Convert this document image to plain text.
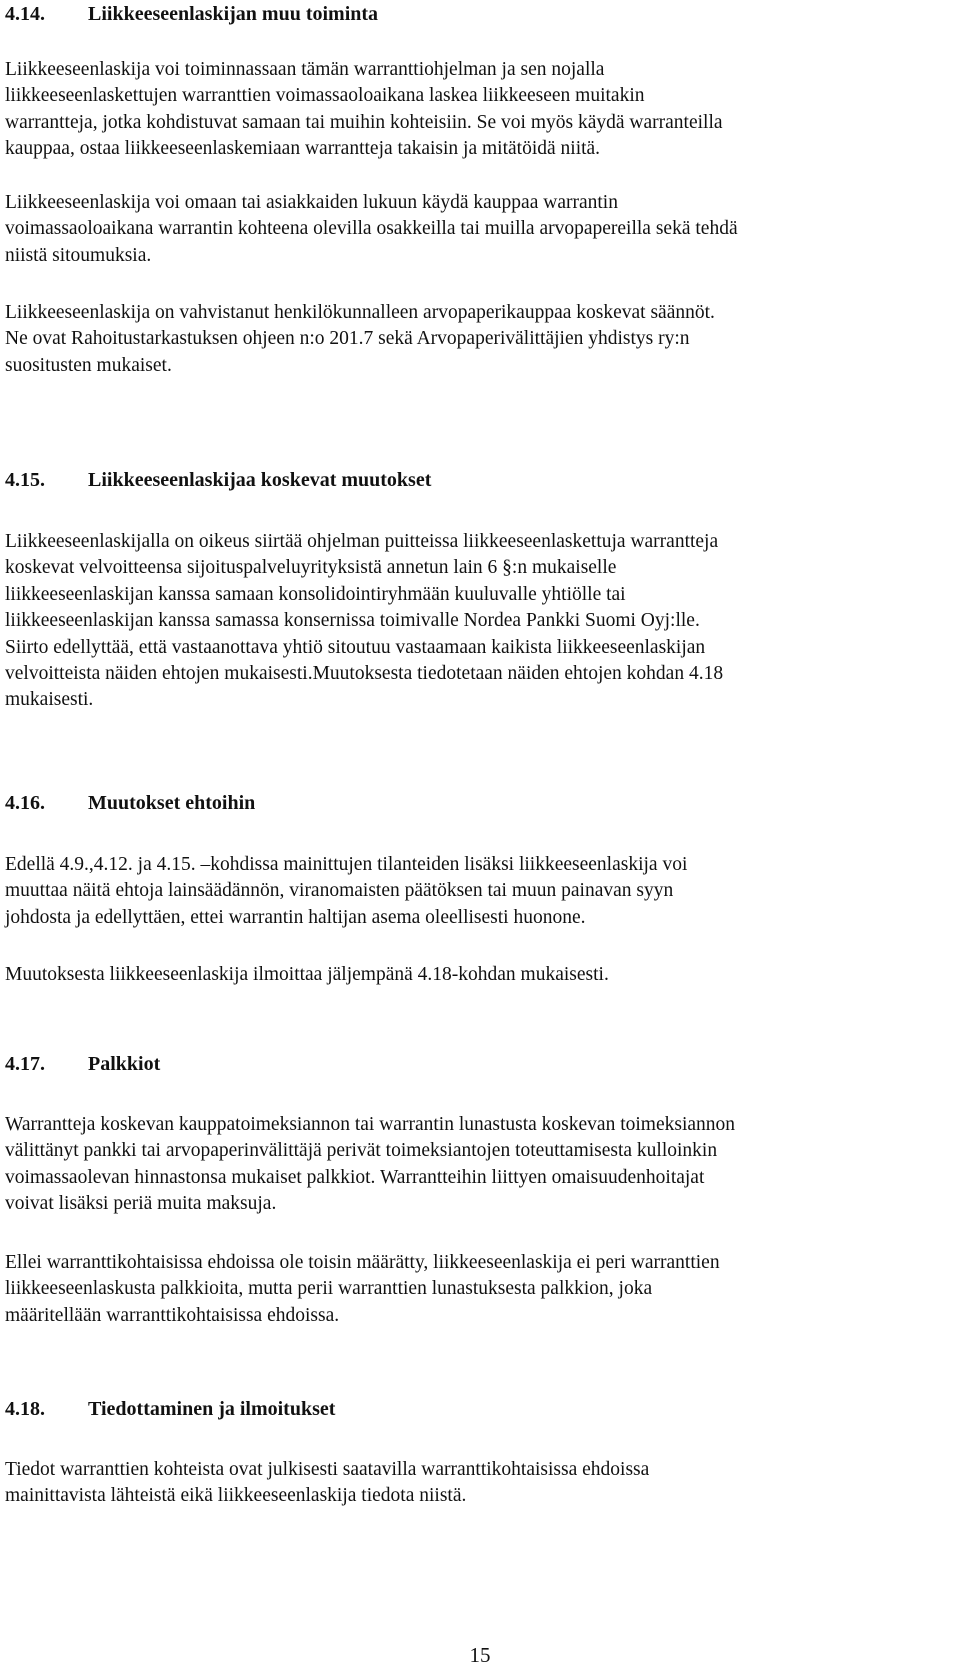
4.14. Liikkeeseenlaskijan muu toiminta

Liikkeeseenlaskija voi toiminnassaan tämän warranttiohjelman ja sen nojalla
liikkeeseenlaskettujen warranttien voimassaoloaikana laskea liikkeeseen muitakin
warrantteja, jotka kohdistuvat samaan tai muihin kohteisiin. Se voi myös käydä warranteilla
kauppaa, ostaa liikkeeseenlaskemiaan warrantteja takaisin ja mitätöidä niitä.

Liikkeeseenlaskija voi omaan tai asiakkaiden lukuun käydä kauppaa warrantin
voimassaoloaikana warrantin kohteena olevilla osakkeilla tai muilla arvopapereilla sekä tehdä
niistä sitoumuksia.

Liikkeeseenlaskija on vahvistanut henkilökunnalleen arvopaperikauppaa koskevat säännöt.
Ne ovat Rahoitustarkastuksen ohjeen n:o 201.7 sekä Arvopaperivälittäjien yhdistys ry:n
suositusten mukaiset.

4.15. Liikkeeseenlaskijaa koskevat muutokset

Liikkeeseenlaskijalla on oikeus siirtää ohjelman puitteissa liikkeeseenlaskettuja warrantteja
koskevat velvoitteensa sijoituspalveluyrityksistä annetun lain 6 §:n mukaiselle
liikkeeseenlaskijan kanssa samaan konsolidointiryhmään kuuluvalle yhtiölle tai
liikkeeseenlaskijan kanssa samassa konsernissa toimivalle Nordea Pankki Suomi Oyj:lle.
Siirto edellyttää, että vastaanottava yhtiö sitoutuu vastaamaan kaikista liikkeeseenlaskijan
velvoitteista näiden ehtojen mukaisesti.Muutoksesta tiedotetaan näiden ehtojen kohdan 4.18
mukaisesti.

4.16. Muutokset ehtoihin

Edellä 4.9.,4.12. ja 4.15. –kohdissa mainittujen tilanteiden lisäksi liikkeeseenlaskija voi
muuttaa näitä ehtoja lainsäädännön, viranomaisten päätöksen tai muun painavan syyn
johdosta ja edellyttäen, ettei warrantin haltijan asema oleellisesti huonone.

Muutoksesta liikkeeseenlaskija ilmoittaa jäljempänä 4.18-kohdan mukaisesti.

4.17. Palkkiot

Warrantteja koskevan kauppatoimeksiannon tai warrantin lunastusta koskevan toimeksiannon
välittänyt pankki tai arvopaperinvälittäjä perivät toimeksiantojen toteuttamisesta kulloinkin
voimassaolevan hinnastonsa mukaiset palkkiot. Warrantteihin liittyen omaisuudenhoitajat
voivat lisäksi periä muita maksuja.

Ellei warranttikohtaisissa ehdoissa ole toisin määrätty, liikkeeseenlaskija ei peri warranttien
liikkeeseenlaskusta palkkioita, mutta perii warranttien lunastuksesta palkkion, joka
määritellään warranttikohtaisissa ehdoissa.

4.18. Tiedottaminen ja ilmoitukset

Tiedot warranttien kohteista ovat julkisesti saatavilla warranttikohtaisissa ehdoissa
mainittavista lähteistä eikä liikkeeseenlaskija tiedota niistä.

15
